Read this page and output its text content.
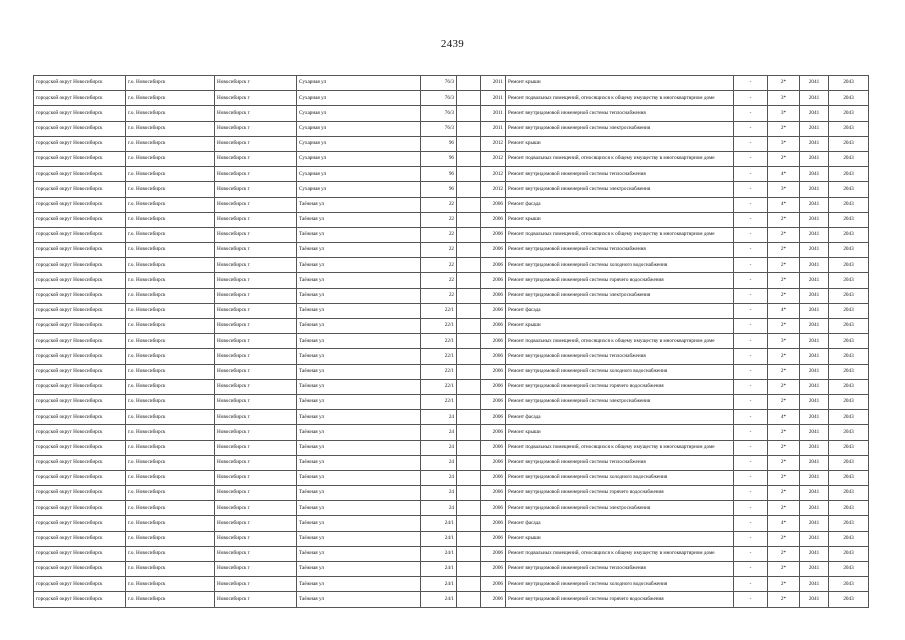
2439
городской округ Новосибирск	г.о. Новосибирск	Новосибирск г	Сухарная ул	76/3		2011	Ремонт крыши	-	2*	2041	2043
городской округ Новосибирск	г.о. Новосибирск	Новосибирск г	Сухарная ул	76/3		2011	Ремонт подвальных помещений, относящихся к общему имуществу в многоквартирном доме	-	3*	2041	2043
городской округ Новосибирск	г.о. Новосибирск	Новосибирск г	Сухарная ул	76/3		2011	Ремонт внутридомовой инженерной системы теплоснабжения	-	3*	2041	2043
городской округ Новосибирск	г.о. Новосибирск	Новосибирск г	Сухарная ул	76/3		2011	Ремонт внутридомовой инженерной системы электроснабжения	-	2*	2041	2043
городской округ Новосибирск	г.о. Новосибирск	Новосибирск г	Сухарная ул	96		2012	Ремонт крыши	-	3*	2041	2043
городской округ Новосибирск	г.о. Новосибирск	Новосибирск г	Сухарная ул	96		2012	Ремонт подвальных помещений, относящихся к общему имуществу в многоквартирном доме	-	2*	2041	2043
городской округ Новосибирск	г.о. Новосибирск	Новосибирск г	Сухарная ул	96		2012	Ремонт внутридомовой инженерной системы теплоснабжения	-	4*	2041	2043
городской округ Новосибирск	г.о. Новосибирск	Новосибирск г	Сухарная ул	96		2012	Ремонт внутридомовой инженерной системы электроснабжения	-	3*	2041	2043
городской округ Новосибирск	г.о. Новосибирск	Новосибирск г	Таёжная ул	22		2006	Ремонт фасада	-	4*	2041	2043
городской округ Новосибирск	г.о. Новосибирск	Новосибирск г	Таёжная ул	22		2006	Ремонт крыши	-	2*	2041	2043
городской округ Новосибирск	г.о. Новосибирск	Новосибирск г	Таёжная ул	22		2006	Ремонт подвальных помещений, относящихся к общему имуществу в многоквартирном доме	-	2*	2041	2043
городской округ Новосибирск	г.о. Новосибирск	Новосибирск г	Таёжная ул	22		2006	Ремонт внутридомовой инженерной системы теплоснабжения	-	2*	2041	2043
городской округ Новосибирск	г.о. Новосибирск	Новосибирск г	Таёжная ул	22		2006	Ремонт внутридомовой инженерной системы холодного водоснабжения	-	2*	2041	2043
городской округ Новосибирск	г.о. Новосибирск	Новосибирск г	Таёжная ул	22		2006	Ремонт внутридомовой инженерной системы горячего водоснабжения	-	2*	2041	2043
городской округ Новосибирск	г.о. Новосибирск	Новосибирск г	Таёжная ул	22		2006	Ремонт внутридомовой инженерной системы электроснабжения	-	2*	2041	2043
городской округ Новосибирск	г.о. Новосибирск	Новосибирск г	Таёжная ул	22/1		2006	Ремонт фасада	-	4*	2041	2043
городской округ Новосибирск	г.о. Новосибирск	Новосибирск г	Таёжная ул	22/1		2006	Ремонт крыши	-	2*	2041	2043
городской округ Новосибирск	г.о. Новосибирск	Новосибирск г	Таёжная ул	22/1		2006	Ремонт подвальных помещений, относящихся к общему имуществу в многоквартирном доме	-	3*	2041	2043
городской округ Новосибирск	г.о. Новосибирск	Новосибирск г	Таёжная ул	22/1		2006	Ремонт внутридомовой инженерной системы теплоснабжения	-	2*	2041	2043
городской округ Новосибирск	г.о. Новосибирск	Новосибирск г	Таёжная ул	22/1		2006	Ремонт внутридомовой инженерной системы холодного водоснабжения	-	2*	2041	2043
городской округ Новосибирск	г.о. Новосибирск	Новосибирск г	Таёжная ул	22/1		2006	Ремонт внутридомовой инженерной системы горячего водоснабжения	-	2*	2041	2043
городской округ Новосибирск	г.о. Новосибирск	Новосибирск г	Таёжная ул	22/1		2006	Ремонт внутридомовой инженерной системы электроснабжения	-	2*	2041	2043
городской округ Новосибирск	г.о. Новосибирск	Новосибирск г	Таёжная ул	24		2006	Ремонт фасада	-	4*	2041	2043
городской округ Новосибирск	г.о. Новосибирск	Новосибирск г	Таёжная ул	24		2006	Ремонт крыши	-	2*	2041	2043
городской округ Новосибирск	г.о. Новосибирск	Новосибирск г	Таёжная ул	24		2006	Ремонт подвальных помещений, относящихся к общему имуществу в многоквартирном доме	-	2*	2041	2043
городской округ Новосибирск	г.о. Новосибирск	Новосибирск г	Таёжная ул	24		2006	Ремонт внутридомовой инженерной системы теплоснабжения	-	2*	2041	2043
городской округ Новосибирск	г.о. Новосибирск	Новосибирск г	Таёжная ул	24		2006	Ремонт внутридомовой инженерной системы холодного водоснабжения	-	2*	2041	2043
городской округ Новосибирск	г.о. Новосибирск	Новосибирск г	Таёжная ул	24		2006	Ремонт внутридомовой инженерной системы горячего водоснабжения	-	2*	2041	2043
городской округ Новосибирск	г.о. Новосибирск	Новосибирск г	Таёжная ул	24		2006	Ремонт внутридомовой инженерной системы электроснабжения	-	2*	2041	2043
городской округ Новосибирск	г.о. Новосибирск	Новосибирск г	Таёжная ул	24/1		2006	Ремонт фасада	-	4*	2041	2043
городской округ Новосибирск	г.о. Новосибирск	Новосибирск г	Таёжная ул	24/1		2006	Ремонт крыши	-	2*	2041	2043
городской округ Новосибирск	г.о. Новосибирск	Новосибирск г	Таёжная ул	24/1		2006	Ремонт подвальных помещений, относящихся к общему имуществу в многоквартирном доме	-	2*	2041	2043
городской округ Новосибирск	г.о. Новосибирск	Новосибирск г	Таёжная ул	24/1		2006	Ремонт внутридомовой инженерной системы теплоснабжения	-	2*	2041	2043
городской округ Новосибирск	г.о. Новосибирск	Новосибирск г	Таёжная ул	24/1		2006	Ремонт внутридомовой инженерной системы холодного водоснабжения	-	2*	2041	2043
городской округ Новосибирск	г.о. Новосибирск	Новосибирск г	Таёжная ул	24/1		2006	Ремонт внутридомовой инженерной системы горячего водоснабжения	-	2*	2041	2043
